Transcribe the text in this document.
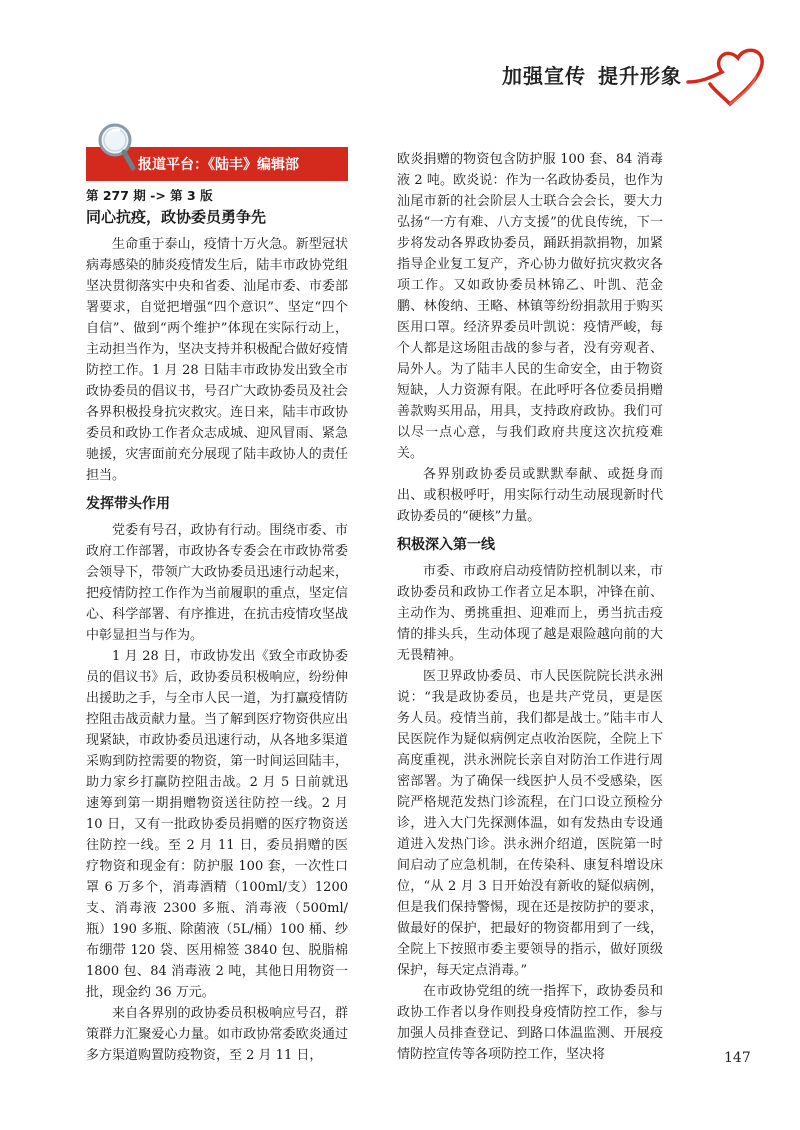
加强宣传 提升形象
报道平台：《陆丰》编辑部

第 277 期 -> 第 3 版

同心抗疫，政协委员勇争先

生命重于泰山，疫情十万火急。新型冠状病毒感染的肺炎疫情发生后，陆丰市政协党组坚决贯彻落实中央和省委、汕尾市委、市委部署要求，自觉把增强“四个意识”、坚定“四个自信”、做到“两个维护”体现在实际行动上，主动担当作为，坚决支持并积极配合做好疫情防控工作。1 月 28 日陆丰市政协发出致全市政协委员的倡议书，号召广大政协委员及社会各界积极投身抗灾救灾。连日来，陆丰市政协委员和政协工作者众志成城、迎风冒雨、紧急驰援，灾害面前充分展现了陆丰政协人的责任担当。

发挥带头作用

党委有号召，政协有行动。围绕市委、市政府工作部署，市政协各专委会在市政协常委会领导下，带领广大政协委员迅速行动起来，把疫情防控工作作为当前履职的重点，坚定信心、科学部署、有序推进，在抗击疫情攻坚战中彰显担当与作为。

1 月 28 日，市政协发出《致全市政协委员的倡议书》后，政协委员积极响应，纷纷伸出援助之手，与全市人民一道，为打赢疫情防控阻击战贡献力量。当了解到医疗物资供应出现紧缺，市政协委员迅速行动，从各地多渠道采购到防控需要的物资，第一时间运回陆丰，助力家乡打赢防控阻击战。2 月 5 日前就迅速筹到第一期捐赠物资送往防控一线。2 月 10 日，又有一批政协委员捐赠的医疗物资送往防控一线。至 2 月 11 日，委员捐赠的医疗物资和现金有：防护服 100 套，一次性口罩 6 万多个，消毒酒精（100ml/支）1200 支、消毒液 2300 多瓶、消毒液（500ml/瓶）190 多瓶、除菌液（5L/桶）100 桶、纱布绷带 120 袋、医用棉签 3840 包、脱脂棉 1800 包、84 消毒液 2 吨，其他日用物资一批，现金约 36 万元。

来自各界别的政协委员积极响应号召，群策群力汇聚爱心力量。如市政协常委欧炎通过多方渠道购置防疫物资，至 2 月 11 日，

欧炎捐赠的物资包含防护服 100 套、84 消毒液 2 吨。欧炎说：作为一名政协委员，也作为汕尾市新的社会阶层人士联合会会长，要大力弘扬“一方有难、八方支援”的优良传统，下一步将发动各界政协委员，踊跃捐款捐物，加紧指导企业复工复产，齐心协力做好抗灾救灾各项工作。又如政协委员林锦乙、叶凯、范金鹏、林俊纳、王略、林镇等纷纷捐款用于购买医用口罩。经济界委员叶凯说：疫情严峻，每个人都是这场阻击战的参与者，没有旁观者、局外人。为了陆丰人民的生命安全，由于物资短缺，人力资源有限。在此呼吁各位委员捐赠善款购买用品，用具，支持政府政协。我们可以尽一点心意，与我们政府共度这次抗疫难关。

各界别政协委员或默默奉献、或挺身而出、或积极呼吁，用实际行动生动展现新时代政协委员的“硬核”力量。

积极深入第一线

市委、市政府启动疫情防控机制以来，市政协委员和政协工作者立足本职，冲锋在前、主动作为、勇挑重担、迎难而上，勇当抗击疫情的排头兵，生动体现了越是艰险越向前的大无畏精神。

医卫界政协委员、市人民医院院长洪永洲说：“我是政协委员，也是共产党员，更是医务人员。疫情当前，我们都是战士。”陆丰市人民医院作为疑似病例定点收治医院，全院上下高度重视，洪永洲院长亲自对防治工作进行周密部署。为了确保一线医护人员不受感染，医院严格规范发热门诊流程，在门口设立预检分诊，进入大门先探测体温，如有发热由专设通道进入发热门诊。洪永洲介绍道，医院第一时间启动了应急机制，在传染科、康复科增设床位，“从 2 月 3 日开始没有新收的疑似病例，但是我们保持警惕，现在还是按防护的要求，做最好的保护，把最好的物资都用到了一线，全院上下按照市委主要领导的指示，做好顶级保护，每天定点消毒。”

在市政协党组的统一指挥下，政协委员和政协工作者以身作则投身疫情防控工作，参与加强人员排查登记、到路口体温监测、开展疫情防控宣传等各项防控工作，坚决将	147
